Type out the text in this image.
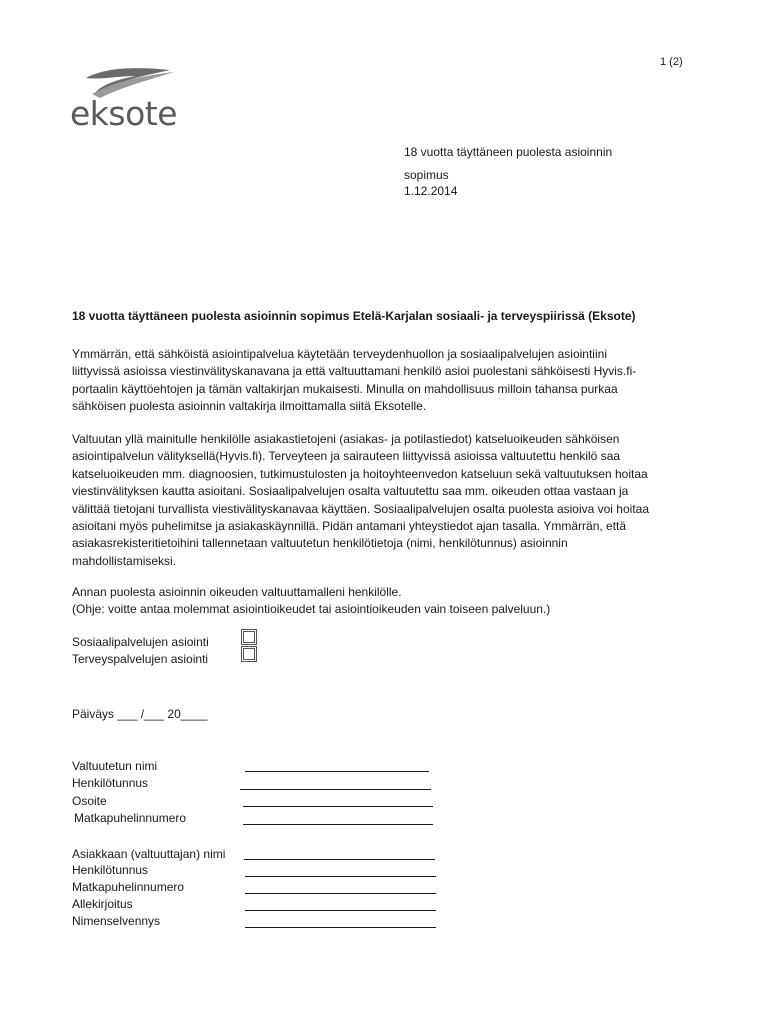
1 (2)
eksote
18 vuotta täyttäneen puolesta asioinnin
sopimus
1.12.2014
18 vuotta täyttäneen puolesta asioinnin sopimus Etelä-Karjalan sosiaali- ja terveyspiirissä (Eksote)
Ymmärrän, että sähköistä asiointipalvelua käytetään terveydenhuollon ja sosiaalipalvelujen asiointiini
liittyvissä asioissa viestinvälityskanavana ja että valtuuttamani henkilö asioi puolestani sähköisesti Hyvis.fi-
portaalin käyttöehtojen ja tämän valtakirjan mukaisesti. Minulla on mahdollisuus milloin tahansa purkaa
sähköisen puolesta asioinnin valtakirja ilmoittamalla siitä Eksotelle.
Valtuutan yllä mainitulle henkilölle asiakastietojeni (asiakas- ja potilastiedot) katseluoikeuden sähköisen
asiointipalvelun välityksellä(Hyvis.fi). Terveyteen ja sairauteen liittyvissä asioissa valtuutettu henkilö saa
katseluoikeuden mm. diagnoosien, tutkimustulosten ja hoitoyhteenvedon katseluun sekä valtuutuksen hoitaa
viestinvälityksen kautta asioitani. Sosiaalipalvelujen osalta valtuutettu saa mm. oikeuden ottaa vastaan ja
välittää tietojani turvallista viestivälityskanavaa käyttäen. Sosiaalipalvelujen osalta puolesta asioiva voi hoitaa
asioitani myös puhelimitse ja asiakaskäynnillä. Pidän antamani yhteystiedot ajan tasalla. Ymmärrän, että
asiakasrekisteritietoihini tallennetaan valtuutetun henkilötietoja (nimi, henkilötunnus) asioinnin
mahdollistamiseksi.
Annan puolesta asioinnin oikeuden valtuuttamalleni henkilölle.
(Ohje: voitte antaa molemmat asiointioikeudet tai asiointioikeuden vain toiseen palveluun.)
Sosiaalipalvelujen asiointi
Terveyspalvelujen asiointi
Päiväys ___ /___ 20____
Valtuutetun nimi
Henkilötunnus
Osoite
Matkapuhelinnumero
Asiakkaan (valtuuttajan) nimi
Henkilötunnus
Matkapuhelinnumero
Allekirjoitus
Nimenselvennys
